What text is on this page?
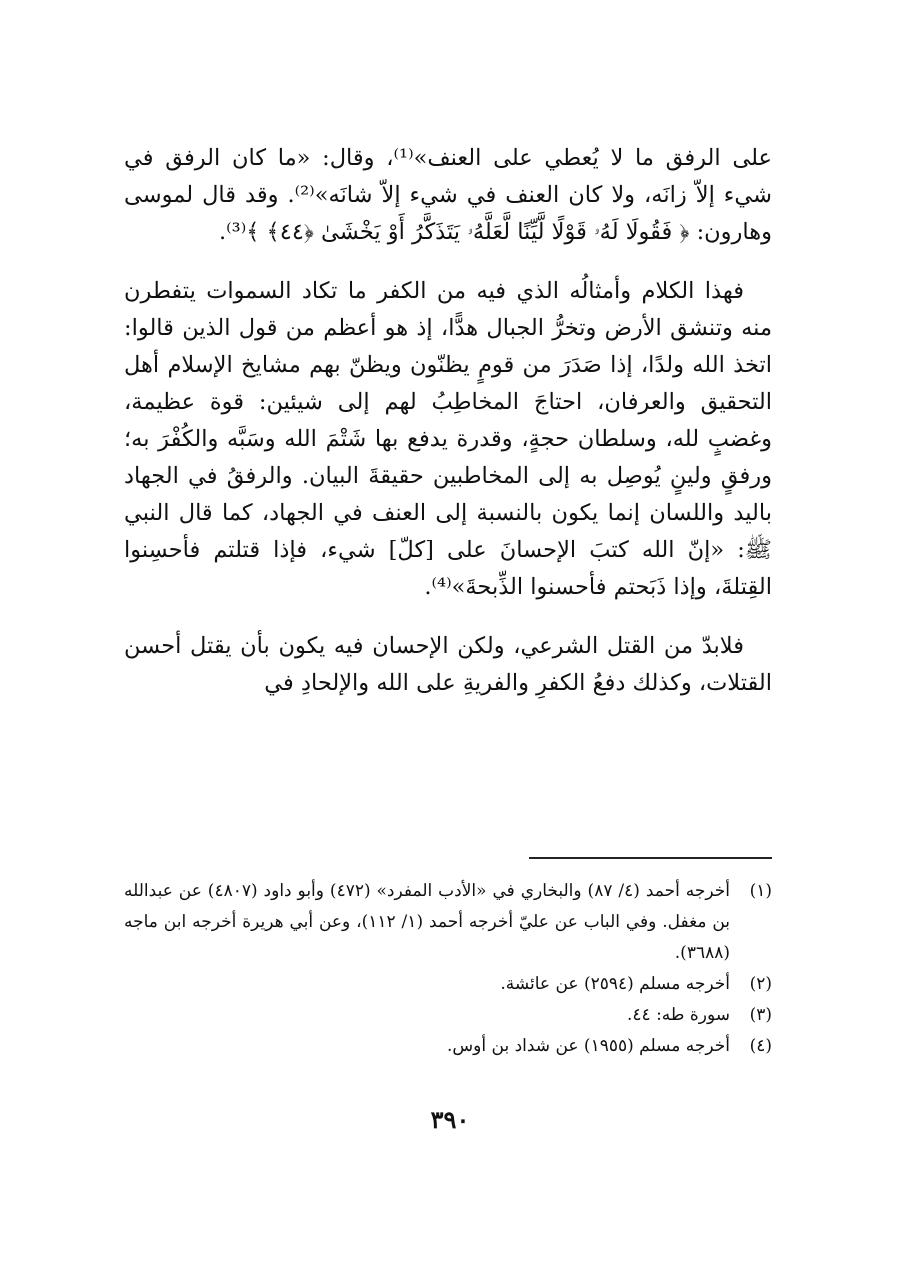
على الرفق ما لا يُعطي على العنف»⁽¹⁾، وقال: «ما كان الرفق في شيء إلاّ زانَه، ولا كان العنف في شيء إلاّ شانَه»⁽²⁾. وقد قال لموسى وهارون: ﴿ فَقُولَا لَهُۥ قَوْلًا لَّيِّنًا لَّعَلَّهُۥ يَتَذَكَّرُ أَوْ يَخْشَىٰ ﴿٤٤﴾ ﴾⁽³⁾.

فهذا الكلام وأمثالُه الذي فيه من الكفر ما تكاد السموات يتفطرن منه وتنشق الأرض وتخرُّ الجبال هدًّا، إذ هو أعظم من قول الذين قالوا: اتخذ الله ولدًا، إذا صَدَرَ من قومٍ يظنّون ويظنّ بهم مشايخ الإسلام أهل التحقيق والعرفان، احتاجَ المخاطِبُ لهم إلى شيئين: قوة عظيمة، وغضبٍ لله، وسلطان حجةٍ، وقدرة يدفع بها شَتْمَ الله وسَبَّه والكُفْرَ به؛ ورفقٍ ولينٍ يُوصِل به إلى المخاطبين حقيقةَ البيان. والرفقُ في الجهاد باليد واللسان إنما يكون بالنسبة إلى العنف في الجهاد، كما قال النبي ﷺ: «إنّ الله كتبَ الإحسانَ على [كلّ] شيء، فإذا قتلتم فأحسِنوا القِتلةَ، وإذا ذَبَحتم فأحسنوا الذِّبحةَ»⁽⁴⁾.

فلابدّ من القتل الشرعي، ولكن الإحسان فيه يكون بأن يقتل أحسن القتلات، وكذلك دفعُ الكفرِ والفريةِ على الله والإلحادِ في

(١)
أخرجه أحمد (٤/ ٨٧) والبخاري في «الأدب المفرد» (٤٧٢) وأبو داود (٤٨٠٧) عن عبدالله بن مغفل. وفي الباب عن عليّ أخرجه أحمد (١/ ١١٢)، وعن أبي هريرة أخرجه ابن ماجه (٣٦٨٨).
(٢)
أخرجه مسلم (٢٥٩٤) عن عائشة.
(٣)
سورة طه: ٤٤.
(٤)
أخرجه مسلم (١٩٥٥) عن شداد بن أوس.
٣٩٠
